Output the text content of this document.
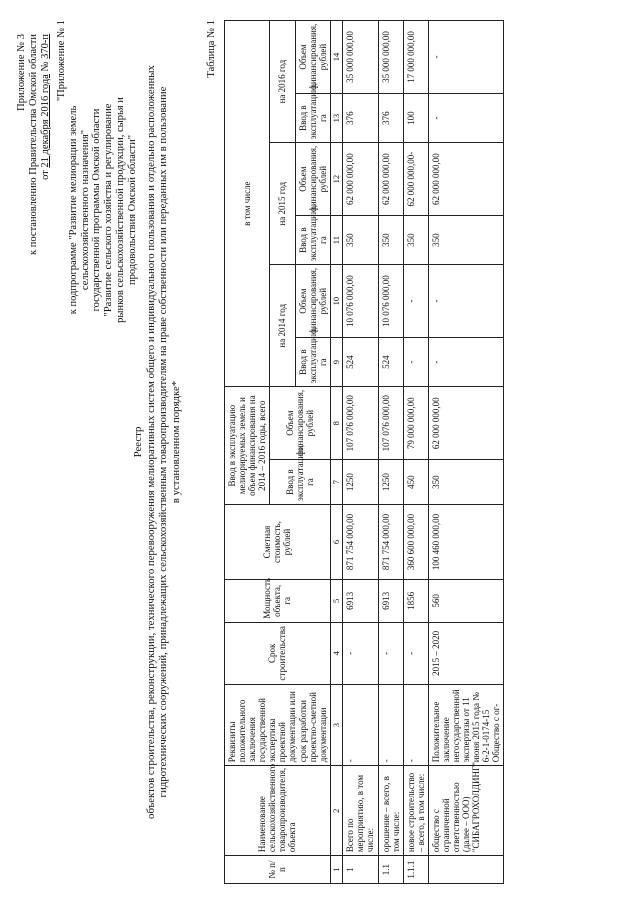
Приложение № 3 к постановлению Правительства Омской области от 21 декабря 2016 года № 370-п "Приложение № 1
к подпрограмме "Развитие мелиорации земель сельскохозяйственного назначения" государственной программы Омской области "Развитие сельского хозяйства и регулирование рынков сельскохозяйственной продукции, сырья и продовольствия Омской области"
Реестр объектов строительства, реконструкции, технического перевооружения мелиоративных систем общего и индивидуального пользования и отдельно расположенных гидротехнических сооружений, принадлежащих сельскохозяйственным товаропроизводителям на праве собственности или переданных им в пользование в установленном порядке*
Таблица № 1
№ п/п	Наименование сельскохозяйственного товаропроизводителя, объекта	Реквизиты положительного заключения государственной экспертизы проектной документации или срок разработки проектно-сметной документации	Срок строительства	Мощность объекта, га	Сметная стоимость, рублей	Ввод в эксплуатацию мелиорируемых земель и объем финансирования на 2014 – 2016 годы, всего		в том числе					
						Ввод в эксплуатацию, га	Объем финансирования, рублей	на 2014 год		на 2015 год		на 2016 год	
								Ввод в эксплуатацию, га	Объем финансирования, рублей	Ввод в эксплуатацию, га	Объем финансирования, рублей	Ввод в эксплуатацию, га	Объем финансирования, рублей
1	2	3	4	5	6	7	8	9	10	11	12	13	14
1	Всего по мероприятию, в том числе:	-	-	6913	871 754 000,00	1250	107 076 000,00	524	10 076 000,00	350	62 000 000,00	376	35 000 000,00
1.1	орошение – всего, в том числе:	-	-	6913	871 754 000,00	1250	107 076 000,00	524	10 076 000,00	350	62 000 000,00	376	35 000 000,00
1.1.1	новое строительство – всего, в том числе:	-	-	1856	360 600 000,00	450	79 000 000,00	-	-	350	62 000 000,00-	100	17 000 000,00
	общество с ограниченной ответственностью (далее – ООО) "СИБАГРОХОЛДИНГ"	Положительное заключение негосударственной экспертизы от 11 июня 2015 года № 6-2-1-0174-15 Общество с ог-	2015 – 2020	560	100 460 000,00	350	62 000 000,00	-	-	350	62 000 000,00	-	-
